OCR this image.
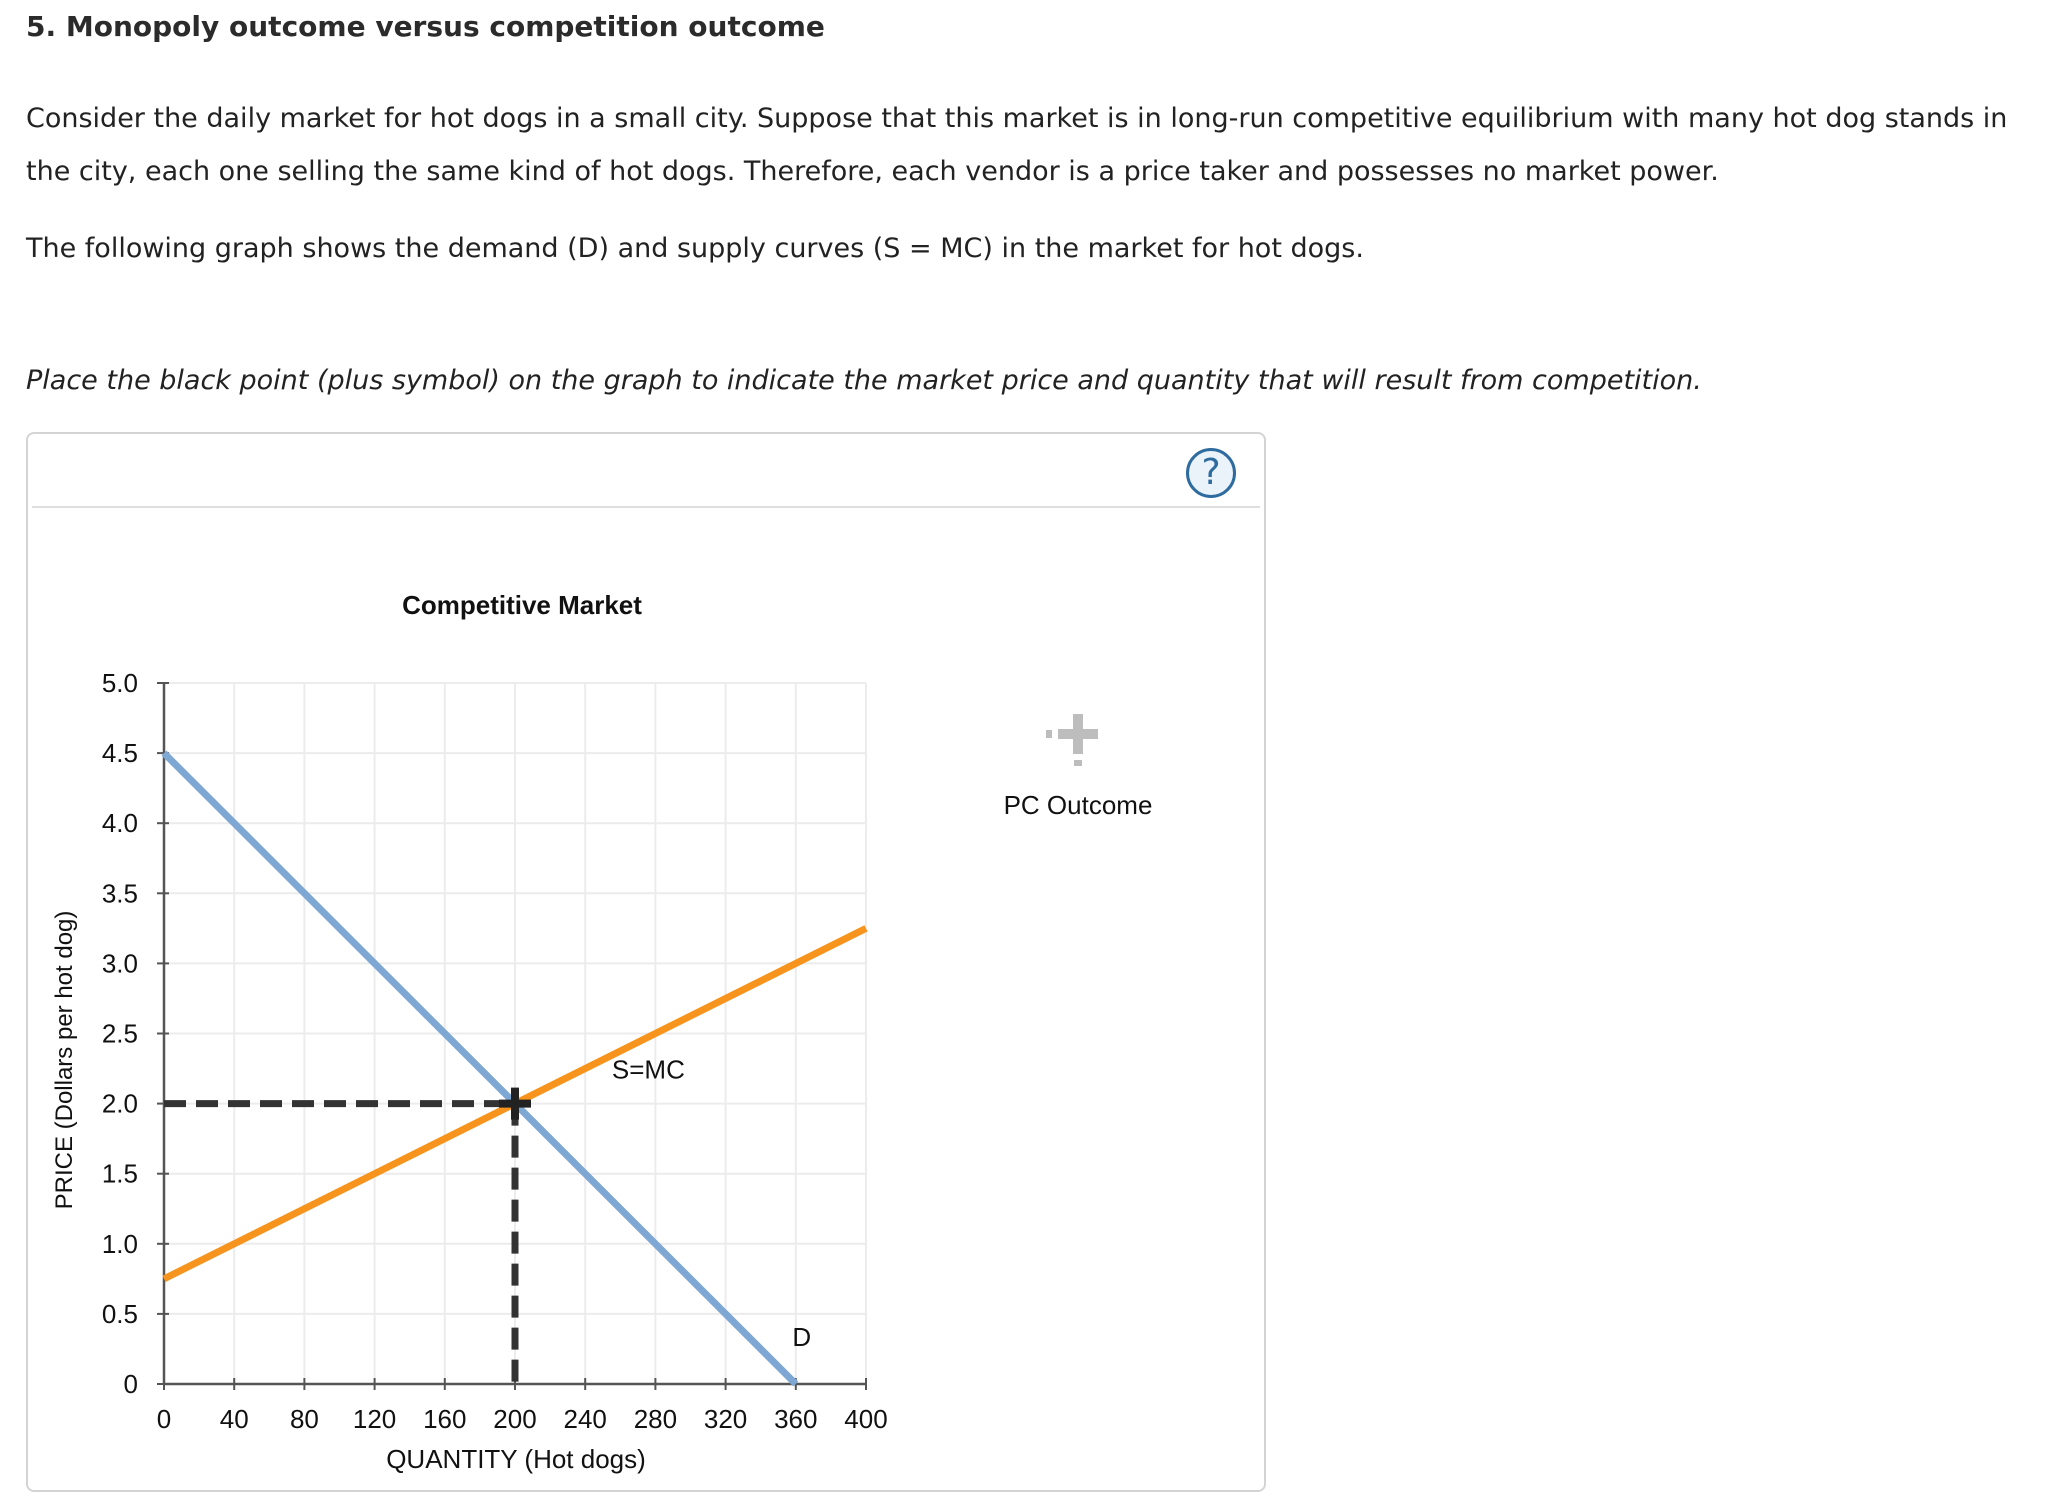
5. Monopoly outcome versus competition outcome
Consider the daily market for hot dogs in a small city. Suppose that this market is in long-run competitive equilibrium with many hot dog stands in the city, each one selling the same kind of hot dogs. Therefore, each vendor is a price taker and possesses no market power.
The following graph shows the demand (D) and supply curves (S = MC) in the market for hot dogs.
Place the black point (plus symbol) on the graph to indicate the market price and quantity that will result from competition.
?
Competitive Market
PRICE (Dollars per hot dog)
QUANTITY (Hot dogs)
0 40 80 120 160 200 240 280 320 360 400
0
0.5
1.0
1.5
2.0
2.5
3.0
3.5
4.0
4.5
5.0
D
S=MC
PC Outcome
